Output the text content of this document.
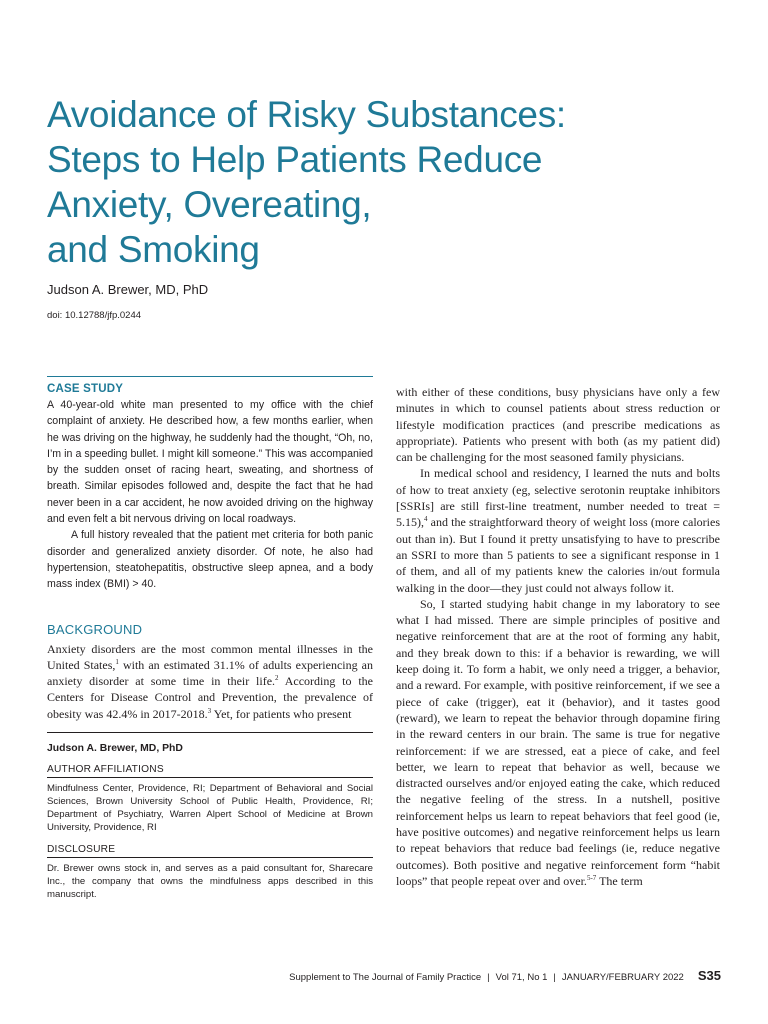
Avoidance of Risky Substances:
Steps to Help Patients Reduce
Anxiety, Overeating,
and Smoking
Judson A. Brewer, MD, PhD
doi: 10.12788/jfp.0244
CASE STUDY

A 40-year-old white man presented to my office with the chief complaint of anxiety. He described how, a few months earlier, when he was driving on the highway, he suddenly had the thought, “Oh, no, I’m in a speeding bullet. I might kill someone.” This was accompanied by the sudden onset of racing heart, sweating, and shortness of breath. Similar episodes followed and, despite the fact that he had never been in a car accident, he now avoided driving on the highway and even felt a bit nervous driving on local roadways.

A full history revealed that the patient met criteria for both panic disorder and generalized anxiety disorder. Of note, he also had hypertension, steatohepatitis, obstructive sleep apnea, and a body mass index (BMI) > 40.

BACKGROUND

Anxiety disorders are the most common mental illnesses in the United States,$^1$ with an estimated 31.1% of adults experiencing an anxiety disorder at some time in their life.$^2$ According to the Centers for Disease Control and Prevention, the prevalence of obesity was 42.4% in 2017-2018.$^3$ Yet, for patients who present

Judson A. Brewer, MD, PhD
AUTHOR AFFILIATIONS
Mindfulness Center, Providence, RI; Department of Behavioral and Social Sciences, Brown University School of Public Health, Providence, RI; Department of Psychiatry, Warren Alpert School of Medicine at Brown University, Providence, RI
DISCLOSURE
Dr. Brewer owns stock in, and serves as a paid consultant for, Sharecare Inc., the company that owns the mindfulness apps described in this manuscript.

with either of these conditions, busy physicians have only a few minutes in which to counsel patients about stress reduction or lifestyle modification practices (and prescribe medications as appropriate). Patients who present with both (as my patient did) can be challenging for the most seasoned family physicians.

In medical school and residency, I learned the nuts and bolts of how to treat anxiety (eg, selective serotonin reuptake inhibitors [SSRIs] are still first-line treatment, number needed to treat = 5.15),$^4$ and the straightforward theory of weight loss (more calories out than in). But I found it pretty unsatisfying to have to prescribe an SSRI to more than 5 patients to see a significant response in 1 of them, and all of my patients knew the calories in/out formula walking in the door—they just could not always follow it.

So, I started studying habit change in my laboratory to see what I had missed. There are simple principles of positive and negative reinforcement that are at the root of forming any habit, and they break down to this: if a behavior is rewarding, we will keep doing it. To form a habit, we only need a trigger, a behavior, and a reward. For example, with positive reinforcement, if we see a piece of cake (trigger), eat it (behavior), and it tastes good (reward), we learn to repeat the behavior through dopamine firing in the reward centers in our brain. The same is true for negative reinforcement: if we are stressed, eat a piece of cake, and feel better, we learn to repeat that behavior as well, because we distracted ourselves and/or enjoyed eating the cake, which reduced the negative feeling of the stress. In a nutshell, positive reinforcement helps us learn to repeat behaviors that feel good (ie, have positive outcomes) and negative reinforcement helps us learn to repeat behaviors that reduce bad feelings (ie, reduce negative outcomes). Both positive and negative reinforcement form “habit loops” that people repeat over and over.$^{5-7}$ The term

Supplement to The Journal of Family Practice | Vol 71, No 1 | JANUARY/FEBRUARY 2022 S35
